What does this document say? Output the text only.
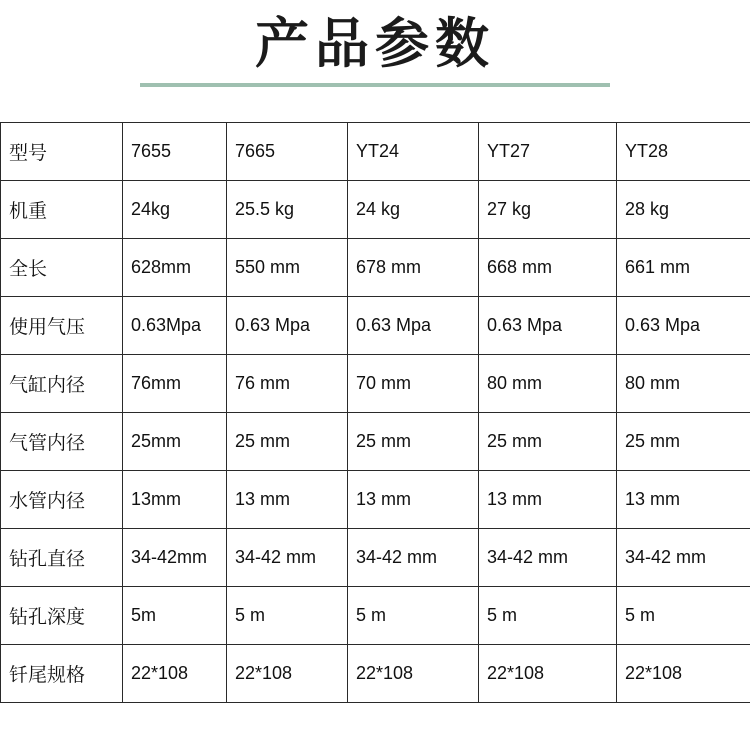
产品参数
型号	7655	7665	YT24	YT27	YT28
机重	24kg	25.5 kg	24 kg	27 kg	28 kg
全长	628mm	550 mm	678 mm	668 mm	661 mm
使用气压	0.63Mpa	0.63 Mpa	0.63 Mpa	0.63 Mpa	0.63 Mpa
气缸内径	76mm	76 mm	70 mm	80 mm	80 mm
气管内径	25mm	25 mm	25 mm	25 mm	25 mm
水管内径	13mm	13 mm	13 mm	13 mm	13 mm
钻孔直径	34-42mm	34-42 mm	34-42 mm	34-42 mm	34-42 mm
钻孔深度	5m	5 m	5 m	5 m	5 m
钎尾规格	22*108	22*108	22*108	22*108	22*108
